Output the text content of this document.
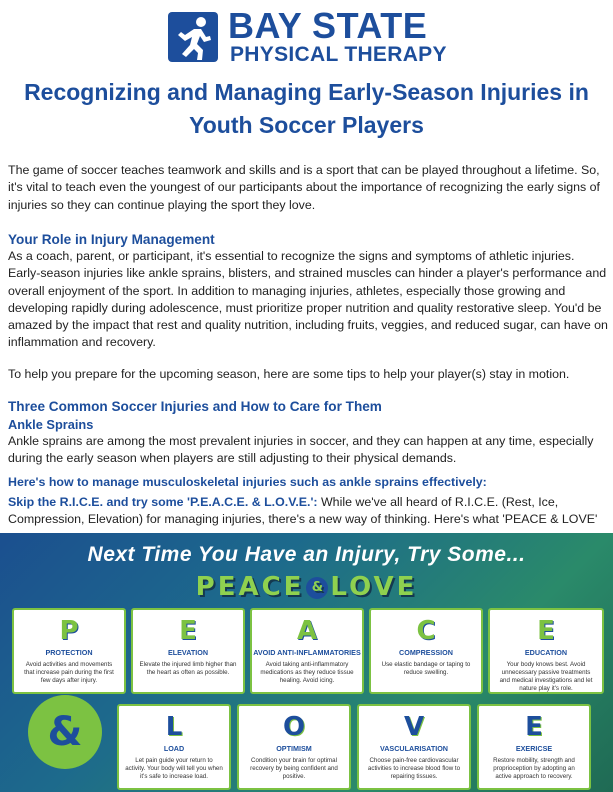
BAY STATE
PHYSICAL THERAPY
Recognizing and Managing Early-Season Injuries in
Youth Soccer Players
The game of soccer teaches teamwork and skills and is a sport that can be played throughout a lifetime. So, it's vital to teach even the youngest of our participants about the importance of recognizing the early signs of injuries so they can continue playing the sport they love.
Your Role in Injury Management
As a coach, parent, or participant, it's essential to recognize the signs and symptoms of athletic injuries. Early-season injuries like ankle sprains, blisters, and strained muscles can hinder a player's performance and overall enjoyment of the sport. In addition to managing injuries, athletes, especially those growing and developing rapidly during adolescence, must prioritize proper nutrition and quality restorative sleep. You'd be amazed by the impact that rest and quality nutrition, including fruits, veggies, and reduced sugar, can have on inflammation and recovery.
To help you prepare for the upcoming season, here are some tips to help your player(s) stay in motion.
Three Common Soccer Injuries and How to Care for Them
Ankle Sprains
Ankle sprains are among the most prevalent injuries in soccer, and they can happen at any time, especially during the early season when players are still adjusting to their physical demands.
Here's how to manage musculoskeletal injuries such as ankle sprains effectively:
Skip the R.I.C.E. and try some 'P.E.A.C.E. & L.O.V.E.': While we've all heard of R.I.C.E. (Rest, Ice, Compression, Elevation) for managing injuries, there's a new way of thinking. Here's what 'PEACE & LOVE'
Next Time You Have an Injury, Try Some...
PEACE & LOVE
P
PROTECTION
Avoid activities and movements that increase pain during the first few days after injury.
E
ELEVATION
Elevate the injured limb higher than the heart as often as possible.
A
AVOID ANTI-INFLAMMATORIES
Avoid taking anti-inflammatory medications as they reduce tissue healing. Avoid icing.
C
COMPRESSION
Use elastic bandage or taping to reduce swelling.
E
EDUCATION
Your body knows best. Avoid unnecessary passive treatments and medical investigations and let nature play it's role.
L
LOAD
Let pain guide your return to activity. Your body will tell you when it's safe to increase load.
O
OPTIMISM
Condition your brain for optimal recovery by being confident and positive.
V
VASCULARISATION
Choose pain-free cardiovascular activities to increase blood flow to repairing tissues.
E
EXERICSE
Restore mobility, strength and proprioception by adopting an active approach to recovery.
&
